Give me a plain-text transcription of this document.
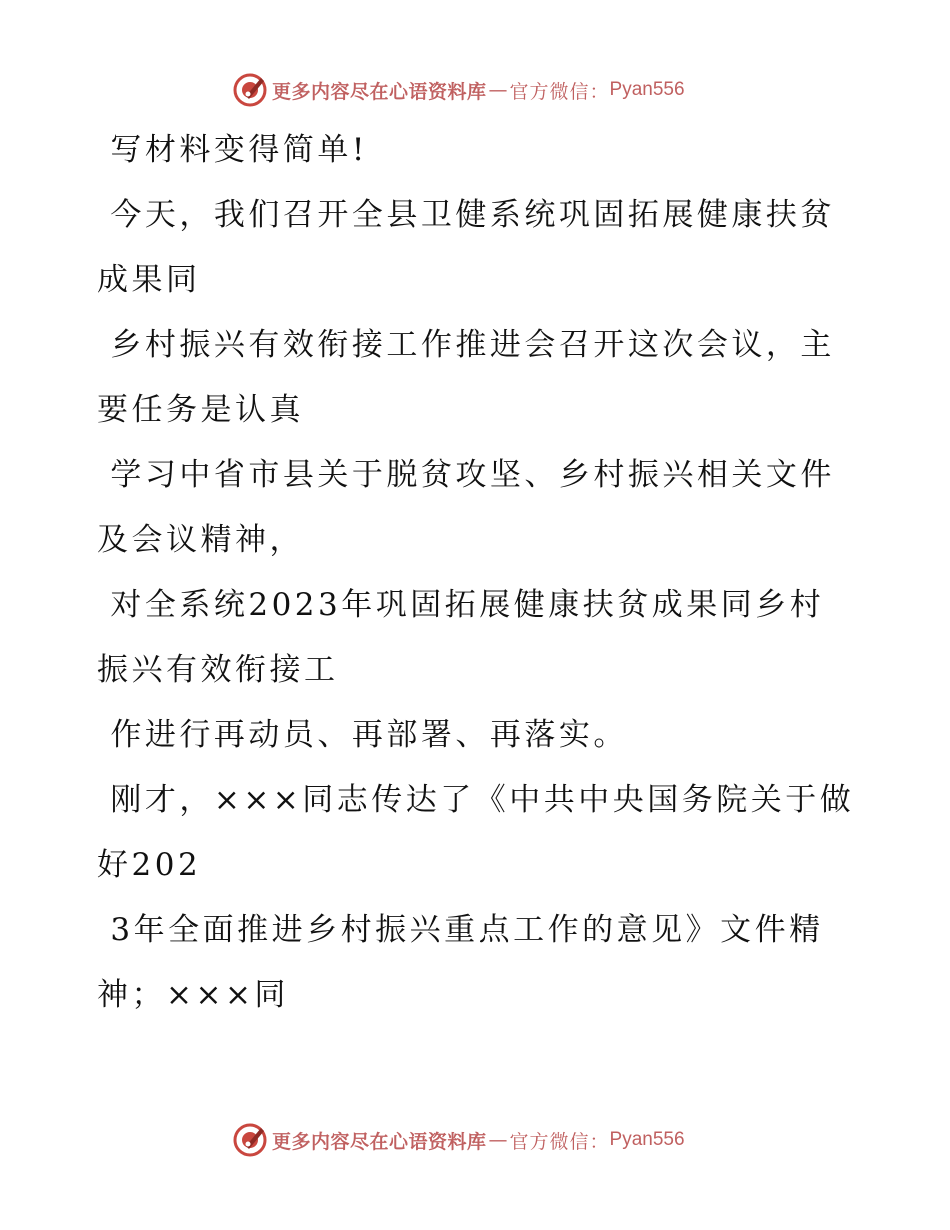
更多内容尽在心语资料库 — 官方微信： Pyan556

写材料变得简单!

今天，我们召开全县卫健系统巩固拓展健康扶贫成果同

乡村振兴有效衔接工作推进会召开这次会议，主要任务是认真

学习中省市县关于脱贫攻坚、乡村振兴相关文件及会议精神，

对全系统2023年巩固拓展健康扶贫成果同乡村振兴有效衔接工

作进行再动员、再部署、再落实。

刚才，×××同志传达了《中共中央国务院关于做好202

3年全面推进乡村振兴重点工作的意见》文件精神；×××同

更多内容尽在心语资料库 — 官方微信： Pyan556
